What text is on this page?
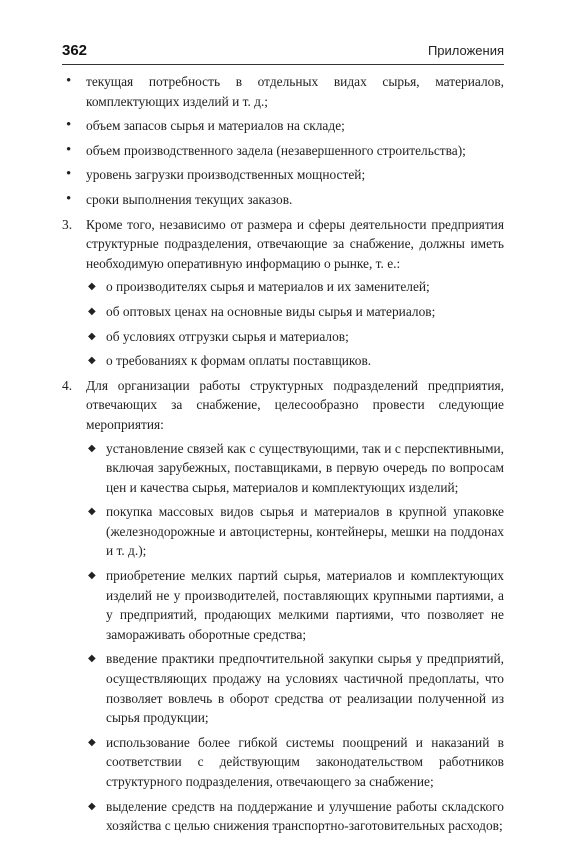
362	Приложения
• текущая потребность в отдельных видах сырья, материалов, комплектующих изделий и т. д.;
• объем запасов сырья и материалов на складе;
• объем производственного задела (незавершенного строительства);
• уровень загрузки производственных мощностей;
• сроки выполнения текущих заказов.
3. Кроме того, независимо от размера и сферы деятельности предприятия структурные подразделения, отвечающие за снабжение, должны иметь необходимую оперативную информацию о рынке, т. е.:
◆ о производителях сырья и материалов и их заменителей;
◆ об оптовых ценах на основные виды сырья и материалов;
◆ об условиях отгрузки сырья и материалов;
◆ о требованиях к формам оплаты поставщиков.
4. Для организации работы структурных подразделений предприятия, отвечающих за снабжение, целесообразно провести следующие мероприятия:
◆ установление связей как с существующими, так и с перспективными, включая зарубежных, поставщиками, в первую очередь по вопросам цен и качества сырья, материалов и комплектующих изделий;
◆ покупка массовых видов сырья и материалов в крупной упаковке (железнодорожные и автоцистерны, контейнеры, мешки на поддонах и т. д.);
◆ приобретение мелких партий сырья, материалов и комплектующих изделий не у производителей, поставляющих крупными партиями, а у предприятий, продающих мелкими партиями, что позволяет не замораживать оборотные средства;
◆ введение практики предпочтительной закупки сырья у предприятий, осуществляющих продажу на условиях частичной предоплаты, что позволяет вовлечь в оборот средства от реализации полученной из сырья продукции;
◆ использование более гибкой системы поощрений и наказаний в соответствии с действующим законодательством работников структурного подразделения, отвечающего за снабжение;
◆ выделение средств на поддержание и улучшение работы складского хозяйства с целью снижения транспортно-заготовительных расходов;
